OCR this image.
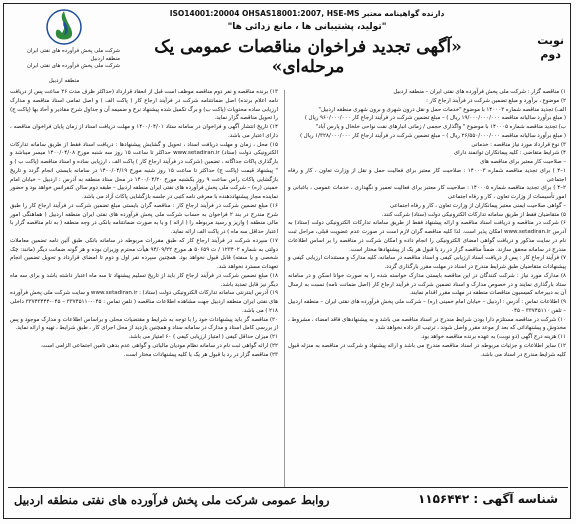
نوبت
دوم
دارنده گواهینامه معتبر ISO14001:20004 OHSAS18001:2007, HSE-MS
"تولید، پشتیبانی ها ، مانع زدائی ها"
«آگهی تجدید فراخوان مناقصات عمومی یک مرحله‌ای»
شرکت ملی پخش فرآورده های نفتی ایران
منطقه اردبیل
شرکت ملی پخش فرآورده های نفتی ایران
منطقه اردبیل

۱) مناقصه گزار : شرکت ملی پخش فرآورده های نفتی ایران – منطقه اردبیل

۲) موضوع ، برآورد و مبلغ تضمین شرکت در فرآیند ارجاع کار :

الف) تجدید مناقصه شماره ۱۴۰۰۰۳ با موضوع "خدمات حمل و نقل درون شهری و برون شهری منطقه اردبیل"

( مبلغ برآورد سالیانه مناقصه ۱۹/۰۰۰/۰۰۰/۰۰۰ ریال ) – مبلغ تضمین شرکت در فرآیند ارجاع کار ۹۶۰/۰۰۰/۰۰۰ ریال )

ب) تجدید مناقصه شماره ۱۴۰۰۰۵ با موضوع " واگذاری حجمی / زمانی انبارهای نفت نواحی خلخال و پارس آباد"

( مبلغ برآورد سالیانه مناقصه ۲۶/۵۵۰/۰۰۰/۰۰۰ ریال ) – مبلغ تضمین شرکت در فرآیند ارجاع کار ۱/۳۲۸/۰۰۰/۰۰۰ ریال )

۳) نوع قرارداد مورد نیاز مناقصه : خدماتی

۴) شرایط متقاضی : کلیه پیمانکاران توانمند دارای

– صلاحیت کار معتبر برای مناقصه های

۱–۴ ) برای تجدید مناقصه شماره ۱۴۰۰۰۳ : صلاحیت کار معتبر برای فعالیت حمل و نقل از وزارت تعاون ، کار و رفاه اجتماعی

۲–۴ ) برای تجدید مناقصه شماره ۱۴۰۰۰۵ : صلاحیت کار معتبر برای فعالیت تعمیر و نگهداری ، خدمات عمومی ، باغبانی و امور تأسیسات از وزارت تعاون ، کار و رفاه اجتماعی

– گواهی صلاحیت ایمنی معتبر پیمانکاران از وزارت تعاون ، کار و رفاه اجتماعی

۵) متقاضیان فقط از طریق سامانه تدارکات الکترونیکی دولت (ستاد) شرکت کنند.

۶) شرکت در مناقصه و دریافت اسناد مناقصه و ارائه پیشنهاد فقط از طریق سامانه تدارکات الکترونیکی دولت (ستاد) به آدرس www.setadiran.ir امکان پذیر است. لذا کلیه مناقصه گران لازم است در صورت عدم عضویت قبلی، مراحل ثبت نام در سایت مذکور و دریافت گواهی امضای الکترونیکی را انجام داده و امکان شرکت در مناقصه را بر اساس اطلاعات مندرج در سامانه محقق سازند. ضمناً مناقصه گزار در رد یا قبول هر یک از پیشنهادها مختار است.

۷) فرآیند ارجاع کار : پس از دریافت اسناد ارزیابی کیفی و اسناد مناقصه در سامانه، کلیه مدارک و مستندات ارزیابی کیفی و پیشنهادات متقاضیان طبق شرایط مندرج در اسناد در مهلت مقرر بارگذاری گردد.

۸) مدارک مورد نیاز : شرکت کنندگان در این مناقصه بایستی مدارک خواسته شده را به صورت خوانا اسکن و در سامانه ستاد بارگذاری نمایند و در خصوص مدارک و اسناد تضمین شرکت در فرآیند ارجاع کار (اصل ضمانت نامه) نسبت به ارسال آن به دبیرخانه کمیسیون مناقصات منطقه در مهلت مقرر اقدام نمایند.

۹) اطلاعات تماس : آدرس : اردبیل – خیابان امام خمینی (ره) – شرکت ملی پخش فرآورده های نفتی ایران – منطقه اردبیل – تلفن ۳۳۷۴۵۱۱۰ – ۰۴۵

۱۰) شرکت در مناقصه مستلزم دارا بودن شرایط مندرج در اسناد مناقصه می باشد و به پیشنهادهای فاقد امضاء ، مشروط ، مخدوش و پیشنهاداتی که بعد از موعد مقرر واصل شوند ، ترتیب اثر داده نخواهد شد.

۱۱) هزینه درج آگهی (دو نوبت) به عهده برنده مناقصه خواهد بود.

۱۲) سایر اطلاعات و جزئیات مربوطه در اسناد مناقصه مندرج می باشد و ارائه پیشنهاد و شرکت در مناقصه به منزله قبول کلیه شرایط مندرج در اسناد می باشد.

۱۳) برنده مناقصه و نفر دوم مناقصه موظف است قبل از انعقاد قرارداد (حداکثر ظرف مدت ۲۶ ساعت پس از دریافت نامه اعلام برنده) اصل ضمانتنامه شرکت در فرآیند ارجاع کار ( پاکت الف ) و اصل تمامی اسناد مناقصه و مدارک ارزیابی ساده محتویات (پاکت ب) و برگ تکمیل شده پیشنهاد نرخ و ضمیمه آن و جداول شرح مقادیر و آحاد بها (پاکت ج) را تحویل مناقصه گزار نماید.

۱۴) تاریخ انتشار آگهی و فراخوان در سامانه ستاد ۱۴۰۰/۰۴/۰۱ و مهلت دریافت اسناد از زمان پایان فراخوان مناقصه ، دارای اعتبار می باشد.

۱۵) محل ، زمان و مهلت دریافت اسناد ، تحویل و گشایش پیشنهادها : دریافت اسناد فقط از طریق سامانه تدارکات الکترونیکی دولت (ستاد) www.setadiran.ir حداکثر تا ساعت ۱۵ روز سه شنبه مورخ ۱۴۰۰/۰۴/۰۸ میسر میباشد و بارگذاری پاکات جداگانه ، تضمین (شرکت در فرآیند ارجاع کار ) پاکت الف ، ارزیابی ساده و اسناد مناقصه (پاکت ب ) و " پیشنهاد قیمت (پاکت ج) حداکثر تا ساعت ۱۵ روز شنبه مورخ ۱۴۰۰/۰۴/۱۹ در سامانه بایستی انجام گردد و تاریخ بازگشایی پاکات راس ساعت ۹ روز یکشنبه مورخ ۱۴۰۰/۰۴/۲۰ در محل ستاد منطقه به آدرس : اردبیل – خیابان امام خمینی (ره) – شرکت ملی پخش فرآورده های نفتی ایران منطقه اردبیل – طبقه دوم سالن کنفرانس خواهد بود و حضور نماینده مجاز پیشنهاددهنده با معرفی نامه کتبی در جلسه بازگشایی پاکات آزاد می باشد.

۱۶) مبلغ تضمین شرکت در فرآیند ارجاع کار : مناقصه گران بایستی مبلغ تضمین شرکت در فرآیند ارجاع کار را طبق شرح مندرج در بند ۲ فراخوان به حساب شرکت ملی پخش فرآورده های نفتی ایران منطقه اردبیل ( هماهنگی امور مالی منطقه ) واریز و رسید مربوطه را ( ارائه ) و یا به صورت ضمانتنامه بانکی در وجه منطقه ( به نام مناقصه گزار با اعتبار حداقل سه ماه ) در پاکت الف ارائه نماید.

۱۷) سپرده شرکت در فرآیند ارجاع کار که طبق مقررات مربوطه در سامانه بانکی طبق آئین نامه تضمین معاملات دولتی به شماره ۱۲۳۴۰۲ / ت ۵۰۶۵۹ هـ مورخ ۹۴/۰۹/۲۲ هیأت محترم وزیران بوده و هر گونه ضمانت دیگر (مانند: چک شخصی و یا سفته) قابل قبول نخواهد بود. همچنین سپرده نفر اول و دوم تا امضای قرارداد و تحویل تضمین انجام تعهدات مسترد نخواهد شد.

۱۸) مبلغ تضمین شرکت در فرآیند ارجاع کار باید از تاریخ تسلیم پیشنهاد تا سه ماه اعتبار داشته باشد و برای سه ماه دیگر نیز قابل تمدید باشد.

۱۹) آدرس اینترنتی سامانه تدارکات الکترونیکی دولت (ستاد) : www.setadiran.ir و سایت شرکت ملی پخش فرآورده های نفتی ایران منطقه اردبیل جهت مشاهده اطلاعات مناقصه ( تلفن تماس : ۰۴۵-۳۳۷۴۵۱۱۰ – ۰۴۵-۳۳۷۴۳۴۴۴ داخلی ۲۱۸ ) می باشد.

۲۰) مناقصه گر باید پیشنهادات خود را با توجه به شرایط و مقتضیات محلی و براساس اطلاعات و مدارک موجود و پس از بررسی کامل اسناد و مدارک در سامانه ستاد و همچنین بازدید از محل اجرای کار ، طبق شرایط ، تهیه و ارائه نماید.

۲۱) میزان حداقل کیفی ( امتیاز ارزیابی کیفی ) ۶۰ امتیاز می باشد.

۲۲) ارائه گواهی ثبت نام در سامانه نظام مودیان مالیاتی و گواهی عدم بدهی تامین اجتماعی الزامی است.

۲۳) مناقصه گزار در رد یا قبول هر یک یا کلیه پیشنهادات مختار است.

روابط عمومی شرکت ملی پخش فرآورده های نفتی منطقه اردبیل	شناسه آگهی : ۱۱۵۶۴۴۲
